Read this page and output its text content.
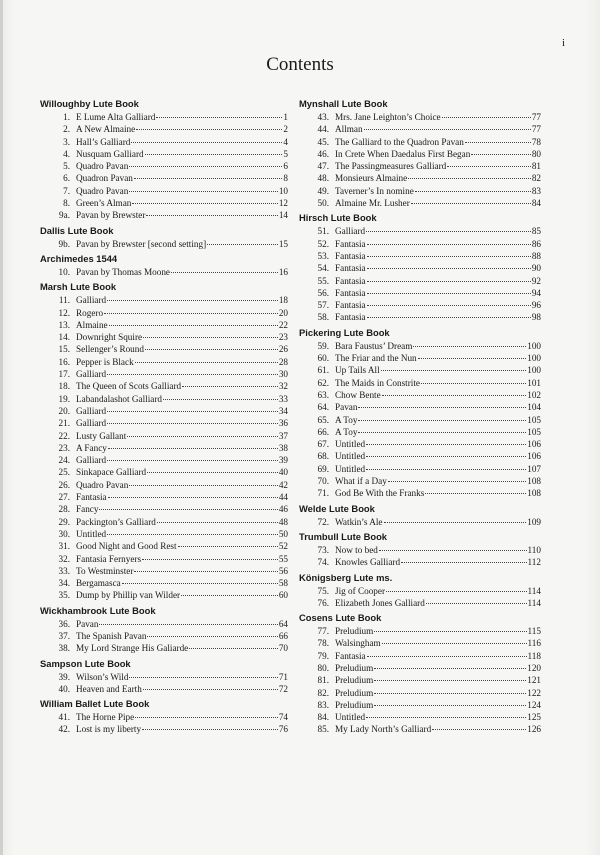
i
Contents
Willoughby Lute Book
1. E Lume Alta Galliard	1
2. A New Almaine	2
3. Hall’s Galliard	4
4. Nusquam Galliard	5
5. Quadro Pavan	6
6. Quadron Pavan	8
7. Quadro Pavan	10
8. Green’s Alman	12
9a. Pavan by Brewster	14
Dallis Lute Book
9b. Pavan by Brewster [second setting]	15
Archimedes 1544
10. Pavan by Thomas Moone	16
Marsh Lute Book
11. Galliard	18
12. Rogero	20
13. Almaine	22
14. Downright Squire	23
15. Sellenger’s Round	26
16. Pepper is Black	28
17. Galliard	30
18. The Queen of Scots Galliard	32
19. Labandalashot Galliard	33
20. Galliard	34
21. Galliard	36
22. Lusty Gallant	37
23. A Fancy	38
24. Galliard	39
25. Sinkapace Galliard	40
26. Quadro Pavan	42
27. Fantasia	44
28. Fancy	46
29. Packington’s Galliard	48
30. Untitled	50
31. Good Night and Good Rest	52
32. Fantasia Fernyers	55
33. To Westminster	56
34. Bergamasca	58
35. Dump by Phillip van Wilder	60
Wickhambrook Lute Book
36. Pavan	64
37. The Spanish Pavan	66
38. My Lord Strange His Galiarde	70
Sampson Lute Book
39. Wilson’s Wild	71
40. Heaven and Earth	72
William Ballet Lute Book
41. The Horne Pipe	74
42. Lost is my liberty	76
Mynshall Lute Book
43. Mrs. Jane Leighton’s Choice	77
44. Allman	77
45. The Galliard to the Quadron Pavan	78
46. In Crete When Daedalus First Began	80
47. The Passingmeasures Galliard	81
48. Monsieurs Almaine	82
49. Taverner’s In nomine	83
50. Almaine Mr. Lusher	84
Hirsch Lute Book
51. Galliard	85
52. Fantasia	86
53. Fantasia	88
54. Fantasia	90
55. Fantasia	92
56. Fantasia	94
57. Fantasia	96
58. Fantasia	98
Pickering Lute Book
59. Bara Faustus’ Dream	100
60. The Friar and the Nun	100
61. Up Tails All	100
62. The Maids in Constrite	101
63. Chow Bente	102
64. Pavan	104
65. A Toy	105
66. A Toy	105
67. Untitled	106
68. Untitled	106
69. Untitled	107
70. What if a Day	108
71. God Be With the Franks	108
Welde Lute Book
72. Watkin’s Ale	109
Trumbull Lute Book
73. Now to bed	110
74. Knowles Galliard	112
Königsberg Lute ms.
75. Jig of Cooper	114
76. Elizabeth Jones Galliard	114
Cosens Lute Book
77. Preludium	115
78. Walsingham	116
79. Fantasia	118
80. Preludium	120
81. Preludium	121
82. Preludium	122
83. Preludium	124
84. Untitled	125
85. My Lady North’s Galliard	126
